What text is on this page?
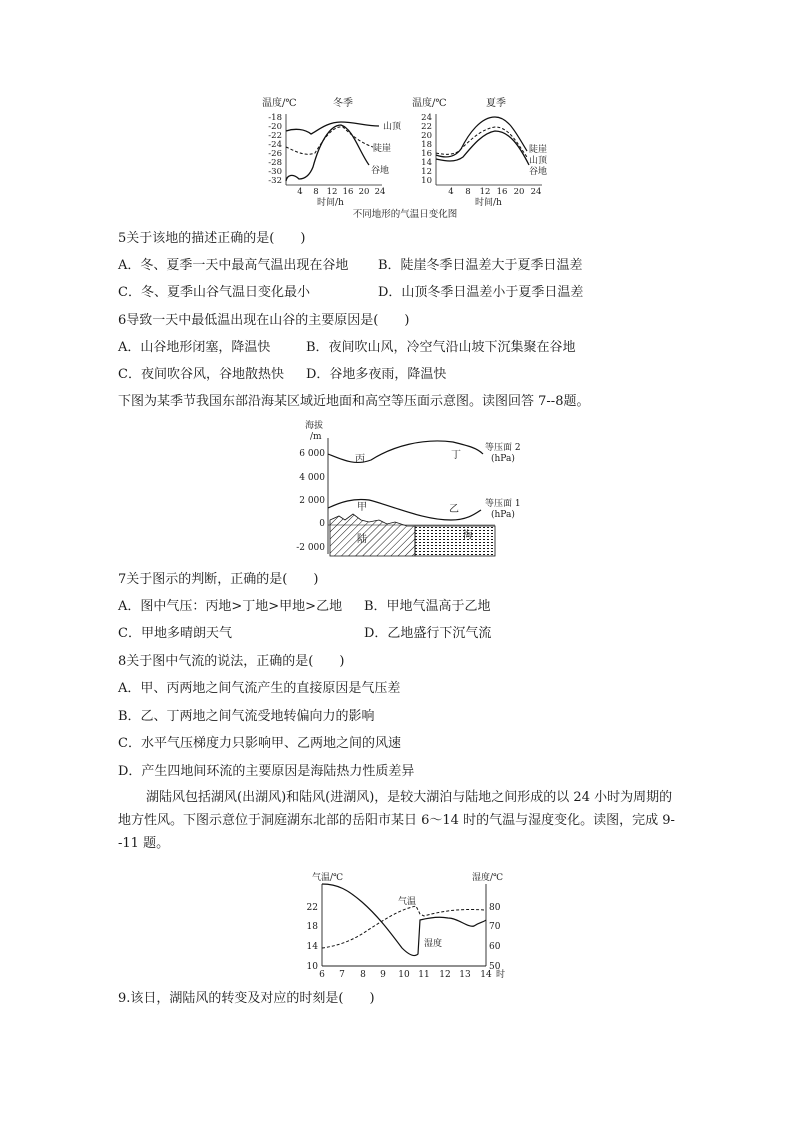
温度/℃	冬季
-18
-20
-22
-24
-26
-28
-30
-32
4 8 12 16 20 24
时间/h
山顶
陡崖
谷地
温度/℃	夏季
24
22
20
18
16
14
12
10
4 8 12 16 20 24
时间/h
陡崖
山顶
谷地
不同地形的气温日变化图
5关于该地的描述正确的是(　　)
A．冬、夏季一天中最高气温出现在谷地 B．陡崖冬季日温差大于夏季日温差
C．冬、夏季山谷气温日变化最小	D．山顶冬季日温差小于夏季日温差
6导致一天中最低温出现在山谷的主要原因是(　　)
A．山谷地形闭塞，降温快	B．夜间吹山风，冷空气沿山坡下沉集聚在谷地
C．夜间吹谷风，谷地散热快 D．谷地多夜雨，降温快
下图为某季节我国东部沿海某区域近地面和高空等压面示意图。读图回答 7--8题。
海拔
/m
6 000
4 000
2 000
0
-2 000
丙	丁
甲	乙
陆	海
等压面 2
(hPa)
等压面 1
(hPa)
7关于图示的判断，正确的是(　　)
A．图中气压：丙地>丁地>甲地>乙地 B．甲地气温高于乙地
C．甲地多晴朗天气	D．乙地盛行下沉气流
8关于图中气流的说法，正确的是(　　)
A．甲、丙两地之间气流产生的直接原因是气压差
B．乙、丁两地之间气流受地转偏向力的影响
C．水平气压梯度力只影响甲、乙两地之间的风速
D．产生四地间环流的主要原因是海陆热力性质差异
湖陆风包括湖风(出湖风)和陆风(进湖风)，是较大湖泊与陆地之间形成的以 24 小时为周期的地方性风。下图示意位于洞庭湖东北部的岳阳市某日 6～14 时的气温与湿度变化。读图，完成 9--11 题。
气温/℃	湿度/℃
22
18
14
10
80
70
60
50
6 7 8 9 10 11 12 13 14 时
气温
湿度
9.该日，湖陆风的转变及对应的时刻是(　　)
